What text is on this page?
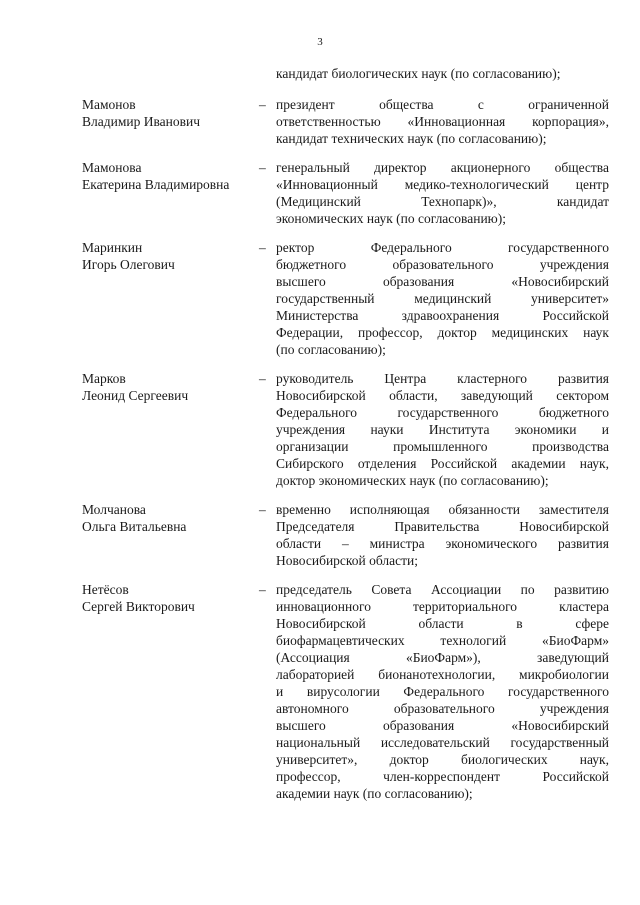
3
кандидат биологических наук (по согласованию);
Мамонов
Владимир Иванович
– президент общества с ограниченной
ответственностью «Инновационная корпорация»,
кандидат технических наук (по согласованию);
Мамонова
Екатерина Владимировна
– генеральный директор акционерного общества
«Инновационный медико-технологический центр
(Медицинский Технопарк)», кандидат
экономических наук (по согласованию);
Маринкин
Игорь Олегович
– ректор Федерального государственного
бюджетного образовательного учреждения
высшего образования «Новосибирский
государственный медицинский университет»
Министерства здравоохранения Российской
Федерации, профессор, доктор медицинских наук
(по согласованию);
Марков
Леонид Сергеевич
– руководитель Центра кластерного развития
Новосибирской области, заведующий сектором
Федерального государственного бюджетного
учреждения науки Института экономики и
организации промышленного производства
Сибирского отделения Российской академии наук,
доктор экономических наук (по согласованию);
Молчанова
Ольга Витальевна
– временно исполняющая обязанности заместителя
Председателя Правительства Новосибирской
области – министра экономического развития
Новосибирской области;
Нетёсов
Сергей Викторович
– председатель Совета Ассоциации по развитию
инновационного территориального кластера
Новосибирской области в сфере
биофармацевтических технологий «БиоФарм»
(Ассоциация «БиоФарм»), заведующий
лабораторией бионанотехнологии, микробиологии
и вирусологии Федерального государственного
автономного образовательного учреждения
высшего образования «Новосибирский
национальный исследовательский государственный
университет», доктор биологических наук,
профессор, член-корреспондент Российской
академии наук (по согласованию);
